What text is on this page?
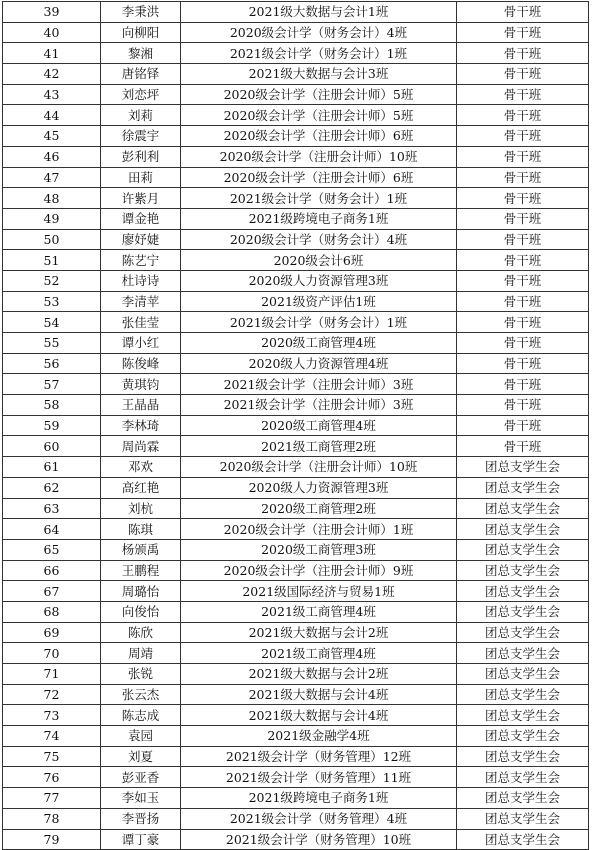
39	李秉洪	2021级大数据与会计1班	骨干班
40	向柳阳	2020级会计学（财务会计）4班	骨干班
41	黎湘	2021级会计学（财务会计）1班	骨干班
42	唐铭铎	2021级大数据与会计3班	骨干班
43	刘恋坪	2020级会计学（注册会计师）5班	骨干班
44	刘莉	2020级会计学（注册会计师）5班	骨干班
45	徐震宇	2020级会计学（注册会计师）6班	骨干班
46	彭利利	2020级会计学（注册会计师）10班	骨干班
47	田莉	2020级会计学（注册会计师）6班	骨干班
48	许紫月	2021级会计学（财务会计）1班	骨干班
49	谭金艳	2021级跨境电子商务1班	骨干班
50	廖妤婕	2020级会计学（财务会计）4班	骨干班
51	陈艺宁	2020级会计6班	骨干班
52	杜诗诗	2020级人力资源管理3班	骨干班
53	李清苹	2021级资产评估1班	骨干班
54	张佳莹	2021级会计学（财务会计）1班	骨干班
55	谭小红	2020级工商管理4班	骨干班
56	陈俊峰	2020级人力资源管理4班	骨干班
57	黄琪钧	2021级会计学（注册会计师）3班	骨干班
58	王晶晶	2021级会计学（注册会计师）3班	骨干班
59	李林琦	2020级工商管理4班	骨干班
60	周尚霖	2021级工商管理2班	骨干班
61	邓欢	2020级会计学（注册会计师）10班	团总支学生会
62	高红艳	2020级人力资源管理3班	团总支学生会
63	刘杭	2020级工商管理2班	团总支学生会
64	陈琪	2020级会计学（注册会计师）1班	团总支学生会
65	杨颁禹	2020级工商管理3班	团总支学生会
66	王鹏程	2020级会计学（注册会计师）9班	团总支学生会
67	周璐怡	2021级国际经济与贸易1班	团总支学生会
68	向俊怡	2021级工商管理4班	团总支学生会
69	陈欣	2021级大数据与会计2班	团总支学生会
70	周靖	2021级工商管理4班	团总支学生会
71	张锐	2021级大数据与会计2班	团总支学生会
72	张云杰	2021级大数据与会计4班	团总支学生会
73	陈志成	2021级大数据与会计4班	团总支学生会
74	袁园	2021级金融学4班	团总支学生会
75	刘夏	2021级会计学（财务管理）12班	团总支学生会
76	彭亚香	2021级会计学（财务管理）11班	团总支学生会
77	李如玉	2021级跨境电子商务1班	团总支学生会
78	李晋扬	2021级会计学（财务管理）4班	团总支学生会
79	谭丁豪	2021级会计学（财务管理）10班	团总支学生会
